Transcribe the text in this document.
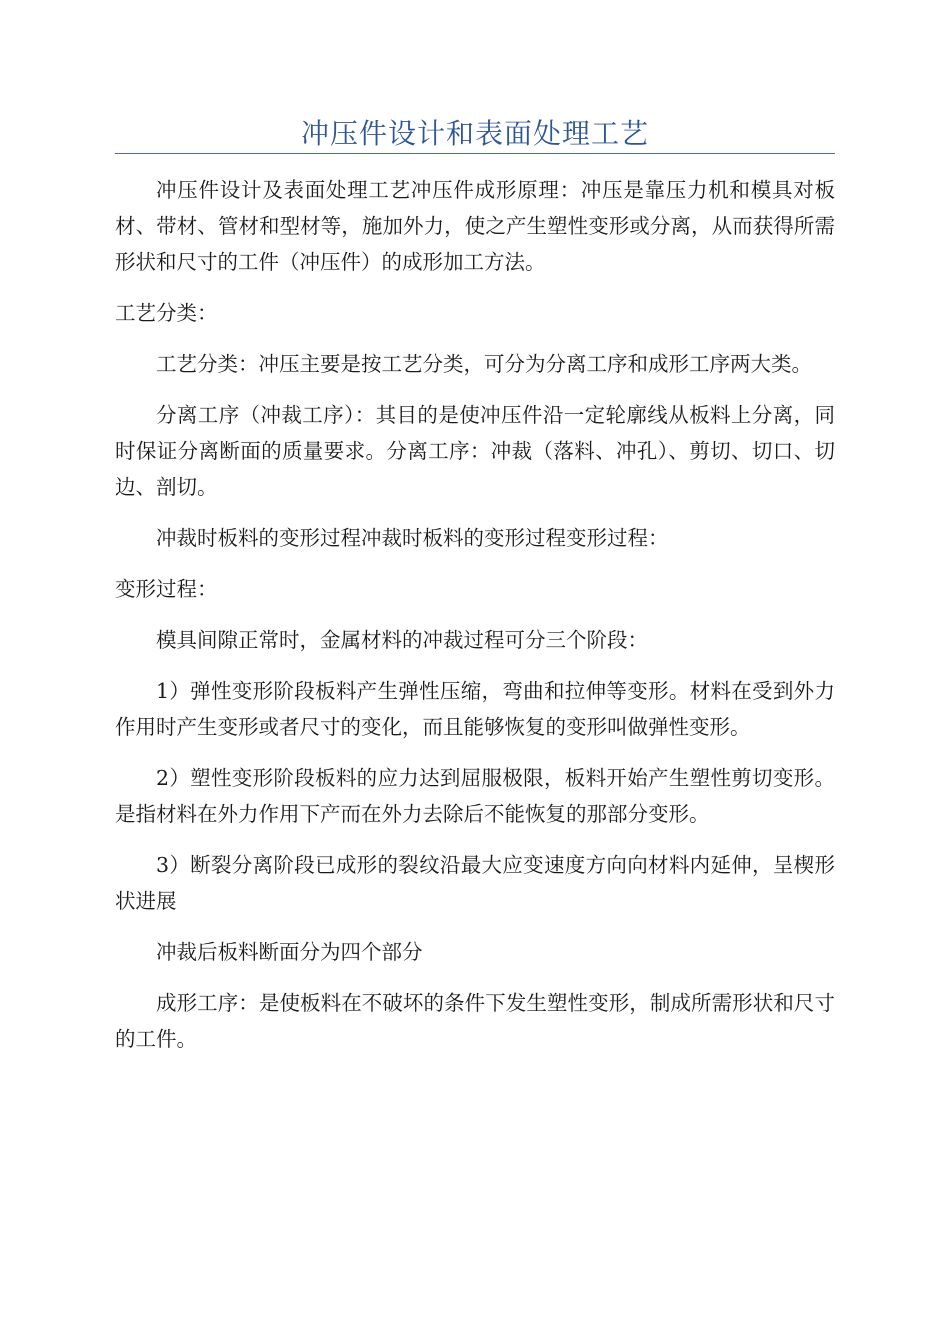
冲压件设计和表面处理工艺

冲压件设计及表面处理工艺冲压件成形原理：冲压是靠压力机和模具对板材、带材、管材和型材等，施加外力，使之产生塑性变形或分离，从而获得所需形状和尺寸的工件（冲压件）的成形加工方法。

工艺分类：

工艺分类：冲压主要是按工艺分类，可分为分离工序和成形工序两大类。

分离工序（冲裁工序）：其目的是使冲压件沿一定轮廓线从板料上分离，同时保证分离断面的质量要求。分离工序：冲裁（落料、冲孔）、剪切、切口、切边、剖切。

冲裁时板料的变形过程冲裁时板料的变形过程变形过程：

变形过程：

模具间隙正常时，金属材料的冲裁过程可分三个阶段：

1）弹性变形阶段板料产生弹性压缩，弯曲和拉伸等变形。材料在受到外力作用时产生变形或者尺寸的变化，而且能够恢复的变形叫做弹性变形。

2）塑性变形阶段板料的应力达到屈服极限，板料开始产生塑性剪切变形。是指材料在外力作用下产而在外力去除后不能恢复的那部分变形。

3）断裂分离阶段已成形的裂纹沿最大应变速度方向向材料内延伸，呈楔形状进展

冲裁后板料断面分为四个部分

成形工序：是使板料在不破坏的条件下发生塑性变形，制成所需形状和尺寸的工件。
